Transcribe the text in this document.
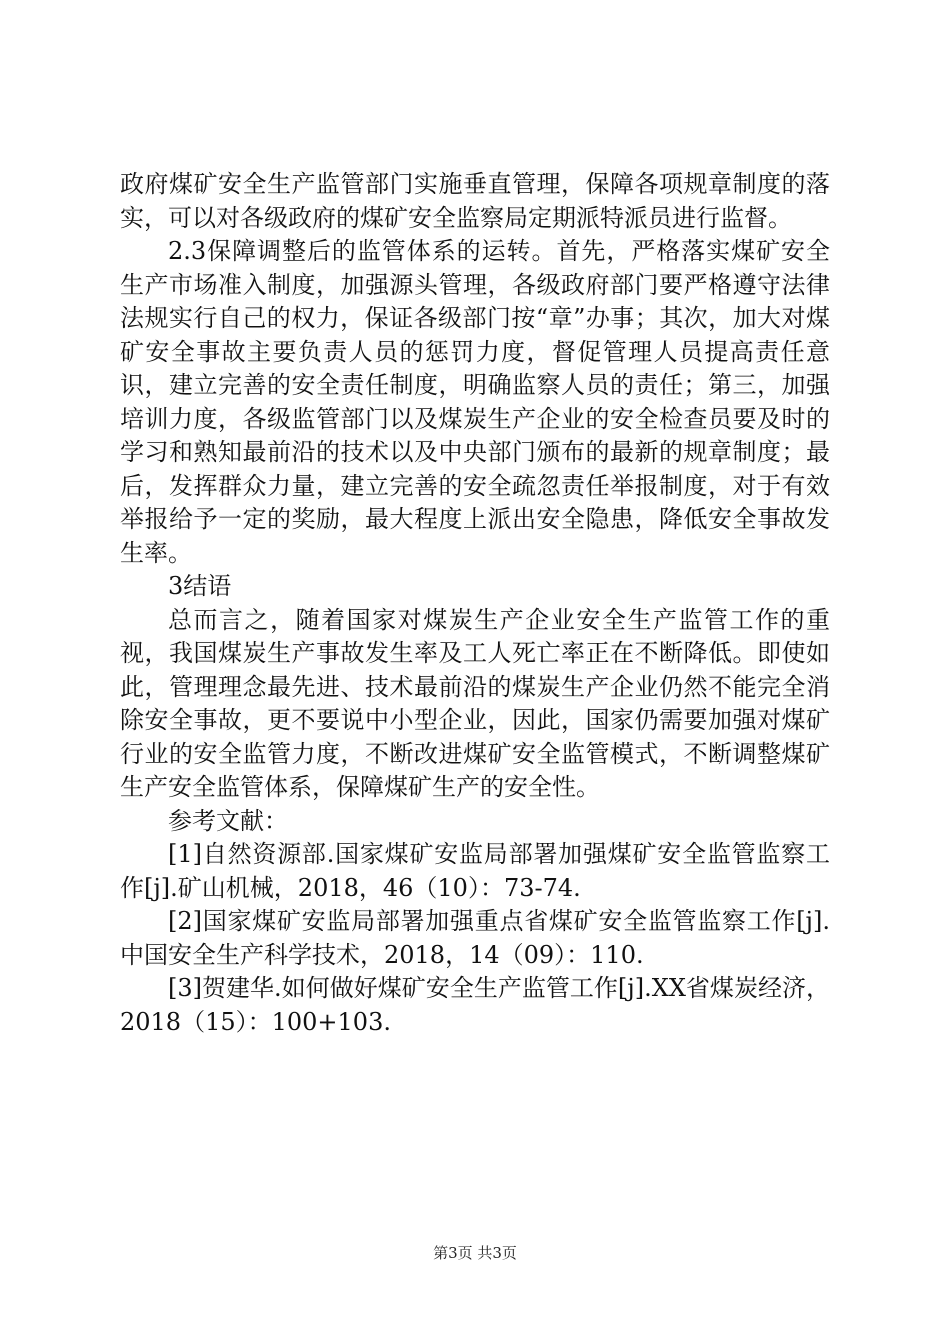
政府煤矿安全生产监管部门实施垂直管理，保障各项规章制度的落实，可以对各级政府的煤矿安全监察局定期派特派员进行监督。

2.3保障调整后的监管体系的运转。首先，严格落实煤矿安全生产市场准入制度，加强源头管理，各级政府部门要严格遵守法律法规实行自己的权力，保证各级部门按“章”办事；其次，加大对煤矿安全事故主要负责人员的惩罚力度，督促管理人员提高责任意识，建立完善的安全责任制度，明确监察人员的责任；第三，加强培训力度，各级监管部门以及煤炭生产企业的安全检查员要及时的学习和熟知最前沿的技术以及中央部门颁布的最新的规章制度；最后，发挥群众力量，建立完善的安全疏忽责任举报制度，对于有效举报给予一定的奖励，最大程度上派出安全隐患，降低安全事故发生率。

3结语

总而言之，随着国家对煤炭生产企业安全生产监管工作的重视，我国煤炭生产事故发生率及工人死亡率正在不断降低。即使如此，管理理念最先进、技术最前沿的煤炭生产企业仍然不能完全消除安全事故，更不要说中小型企业，因此，国家仍需要加强对煤矿行业的安全监管力度，不断改进煤矿安全监管模式，不断调整煤矿生产安全监管体系，保障煤矿生产的安全性。

参考文献：

[1]自然资源部.国家煤矿安监局部署加强煤矿安全监管监察工作[j].矿山机械，2018，46（10）：73-74.

[2]国家煤矿安监局部署加强重点省煤矿安全监管监察工作[j].中国安全生产科学技术，2018，14（09）：110.

[3]贺建华.如何做好煤矿安全生产监管工作[j].XX省煤炭经济，2018（15）：100+103.

第3页 共3页
